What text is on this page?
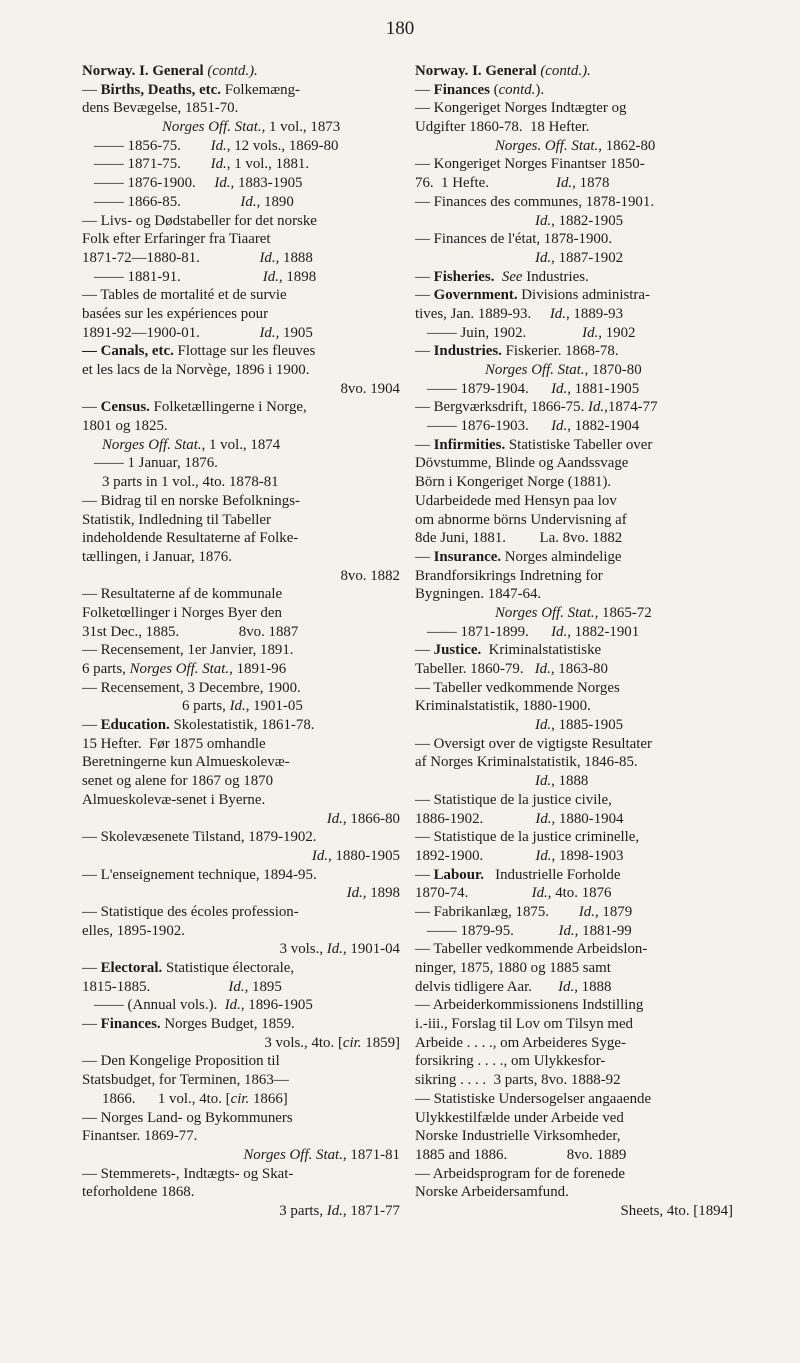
180
Norway. I. General (contd.).
— Births, Deaths, etc. Folkemæng-
dens Bevægelse, 1851-70.
Norges Off. Stat., 1 vol., 1873
—— 1856-75.        Id., 12 vols., 1869-80
—— 1871-75.        Id., 1 vol., 1881.
—— 1876-1900.     Id., 1883-1905
—— 1866-85.                Id., 1890
— Livs- og Dødstabeller for det norske
Folk efter Erfaringer fra Tiaaret
1871-72—1880-81.                Id., 1888
—— 1881-91.                      Id., 1898
— Tables de mortalité et de survie
basées sur les expériences pour
1891-92—1900-01.                Id., 1905
— Canals, etc. Flottage sur les fleuves
et les lacs de la Norvège, 1896 i 1900.
8vo. 1904
— Census. Folketællingerne i Norge,
1801 og 1825.
Norges Off. Stat., 1 vol., 1874
—— 1 Januar, 1876.
3 parts in 1 vol., 4to. 1878-81
— Bidrag til en norske Befolknings-
Statistik, Indledning til Tabeller
indeholdende Resultaterne af Folke-
tællingen, i Januar, 1876.
8vo. 1882
— Resultaterne af de kommunale
Folketœllinger i Norges Byer den
31st Dec., 1885.                8vo. 1887
— Recensement, 1er Janvier, 1891.
6 parts, Norges Off. Stat., 1891-96
— Recensement, 3 Decembre, 1900.
6 parts, Id., 1901-05
— Education. Skolestatistik, 1861-78.
15 Hefter.  Før 1875 omhandle
Beretningerne kun Almueskolevæ-
senet og alene for 1867 og 1870
Almueskolevæ-senet i Byerne.
Id., 1866-80
— Skolevæsenete Tilstand, 1879-1902.
Id., 1880-1905
— L'enseignement technique, 1894-95.
Id., 1898
— Statistique des écoles profession-
elles, 1895-1902.
3 vols., Id., 1901-04
— Electoral. Statistique électorale,
1815-1885.                     Id., 1895
—— (Annual vols.).  Id., 1896-1905
— Finances. Norges Budget, 1859.
3 vols., 4to. [cir. 1859]
— Den Kongelige Proposition til
Statsbudget, for Terminen, 1863—
1866.      1 vol., 4to. [cir. 1866]
— Norges Land- og Bykommuners
Finantser. 1869-77.
Norges Off. Stat., 1871-81
— Stemmerets-, Indtægts- og Skat-
teforholdene 1868.
3 parts, Id., 1871-77
Norway. I. General (contd.).
— Finances (contd.).
— Kongeriget Norges Indtægter og
Udgifter 1860-78.  18 Hefter.
Norges. Off. Stat., 1862-80
— Kongeriget Norges Finantser 1850-
76.  1 Hefte.                  Id., 1878
— Finances des communes, 1878-1901.
Id., 1882-1905
— Finances de l'état, 1878-1900.
Id., 1887-1902
— Fisheries. See Industries.
— Government. Divisions administra-
tives, Jan. 1889-93.     Id., 1889-93
—— Juin, 1902.               Id., 1902
— Industries. Fiskerier. 1868-78.
Norges Off. Stat., 1870-80
—— 1879-1904.      Id., 1881-1905
— Bergværksdrift, 1866-75. Id.,1874-77
—— 1876-1903.      Id., 1882-1904
— Infirmities. Statistiske Tabeller over
Dövstumme, Blinde og Aandssvage
Börn i Kongeriget Norge (1881).
Udarbeidede med Hensyn paa lov
om abnorme börns Undervisning af
8de Juni, 1881.         La. 8vo. 1882
— Insurance. Norges almindelige
Brandforsikrings Indretning for
Bygningen. 1847-64.
Norges Off. Stat., 1865-72
—— 1871-1899.      Id., 1882-1901
— Justice.  Kriminalstatistiske
Tabeller. 1860-79.   Id., 1863-80
— Tabeller vedkommende Norges
Kriminalstatistik, 1880-1900.
Id., 1885-1905
— Oversigt over de vigtigste Resultater
af Norges Kriminalstatistik, 1846-85.
Id., 1888
— Statistique de la justice civile,
1886-1902.              Id., 1880-1904
— Statistique de la justice criminelle,
1892-1900.              Id., 1898-1903
— Labour.   Industrielle Forholde
1870-74.                 Id., 4to. 1876
— Fabrikanlæg, 1875.        Id., 1879
—— 1879-95.            Id., 1881-99
— Tabeller vedkommende Arbeidslon-
ninger, 1875, 1880 og 1885 samt
delvis tidligere Aar.       Id., 1888
— Arbeiderkommissionens Indstilling
i.-iii., Forslag til Lov om Tilsyn med
Arbeide . . . ., om Arbeideres Syge-
forsikring . . . ., om Ulykkesfor-
sikring . . . .  3 parts, 8vo. 1888-92
— Statistiske Undersogelser angaaende
Ulykkestilfælde under Arbeide ved
Norske Industrielle Virksomheder,
1885 and 1886.                8vo. 1889
— Arbeidsprogram for de forenede
Norske Arbeidersamfund.
Sheets, 4to. [1894]
